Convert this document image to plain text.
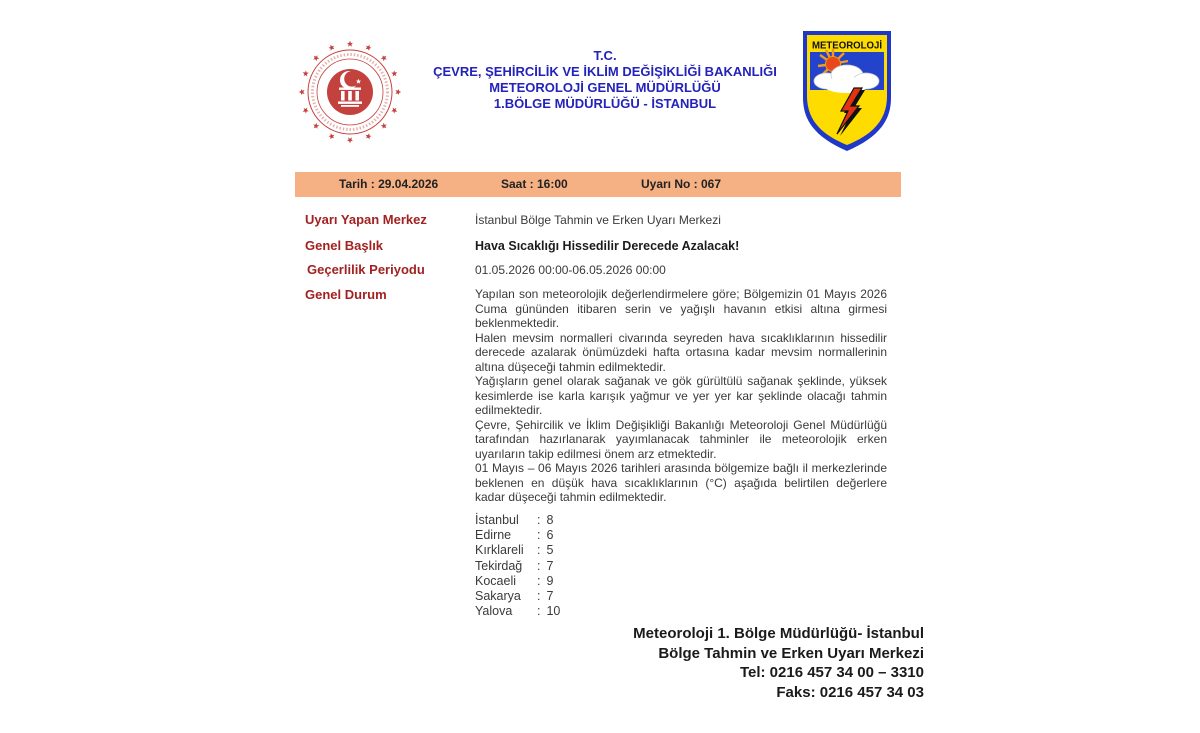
T.C.
ÇEVRE, ŞEHİRCİLİK VE İKLİM DEĞİŞİKLİĞİ BAKANLIĞI
METEOROLOJİ GENEL MÜDÜRLÜĞÜ
1.BÖLGE MÜDÜRLÜĞÜ - İSTANBUL
METEOROLOJİ
Tarih : 29.04.2026	Saat : 16:00	Uyarı No : 067
Uyarı Yapan Merkez	İstanbul Bölge Tahmin ve Erken Uyarı Merkezi
Genel Başlık	Hava Sıcaklığı Hissedilir Derecede Azalacak!
Geçerlilik Periyodu	01.05.2026 00:00-06.05.2026 00:00
Genel Durum	Yapılan son meteorolojik değerlendirmelere göre; Bölgemizin 01 Mayıs 2026 Cuma gününden itibaren serin ve yağışlı havanın etkisi altına girmesi beklenmektedir.

Halen mevsim normalleri civarında seyreden hava sıcaklıklarının hissedilir derecede azalarak önümüzdeki hafta ortasına kadar mevsim normallerinin altına düşeceği tahmin edilmektedir.

Yağışların genel olarak sağanak ve gök gürültülü sağanak şeklinde, yüksek kesimlerde ise karla karışık yağmur ve yer yer kar şeklinde olacağı tahmin edilmektedir.

Çevre, Şehircilik ve İklim Değişikliği Bakanlığı Meteoroloji Genel Müdürlüğü tarafından hazırlanarak yayımlanacak tahminler ile meteorolojik erken uyarıların takip edilmesi önem arz etmektedir.

01 Mayıs – 06 Mayıs 2026 tarihleri arasında bölgemize bağlı il merkezlerinde beklenen en düşük hava sıcaklıklarının (°C) aşağıda belirtilen değerlere kadar düşeceği tahmin edilmektedir.

İstanbul	: 8
Edirne	: 6
Kırklareli	: 5
Tekirdağ	: 7
Kocaeli	: 9
Sakarya	: 7
Yalova	: 10
Meteoroloji 1. Bölge Müdürlüğü- İstanbul
Bölge Tahmin ve Erken Uyarı Merkezi
Tel: 0216 457 34 00 – 3310
Faks: 0216 457 34 03
